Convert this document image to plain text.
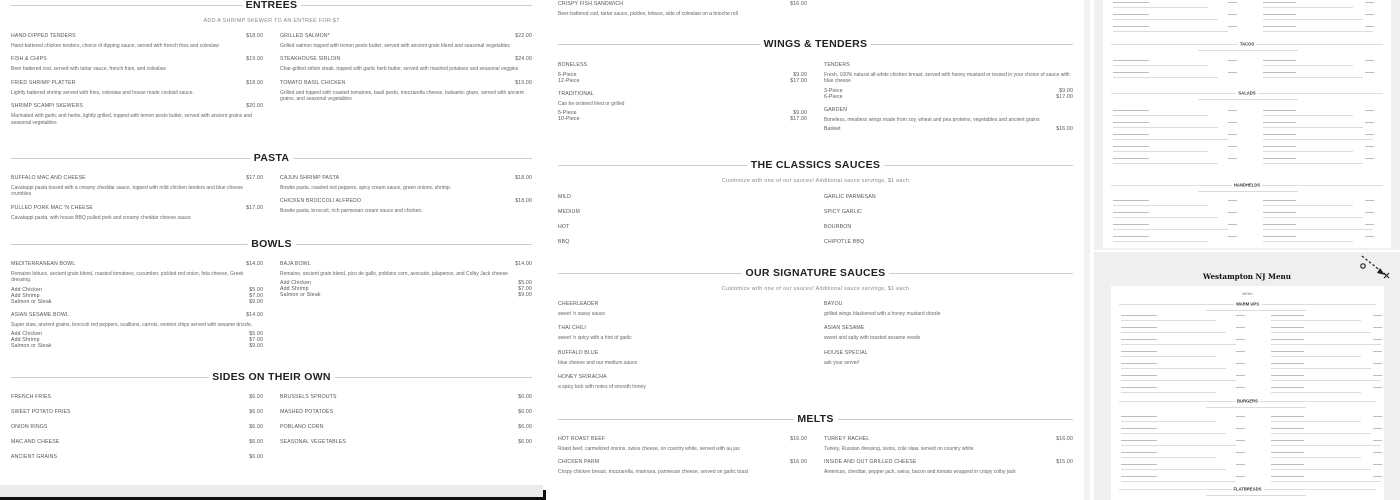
ENTREES
ADD A SHRIMP SKEWER TO AN ENTREE FOR $7
HAND-DIPPED TENDERS	$18.00
Hand-battered chicken tenders, choice of dipping sauce, served with french fries and coleslaw
FISH & CHIPS	$19.00
Beer battered cod, served with tartar sauce, french fries, and coleslaw
FRIED SHRIMP PLATTER	$18.00
Lightly battered shrimp served with fries, coleslaw and house made cocktail sauce.
SHRIMP SCAMPI SKEWERS	$20.00
Marinated with garlic and herbs, lightly grilled, topped with lemon pesto butter, served with ancient grains and seasonal vegetables
GRILLED SALMON*	$22.00
Grilled salmon topped with lemon pesto butter, served with ancient grain blend and seasonal vegetables
STEAKHOUSE SIRLOIN	$24.00
Char-grilled sirloin steak, topped with garlic herb butter, served with mashed potatoes and seasonal veggies
TOMATO BASIL CHICKEN	$19.00
Grilled and topped with roasted tomatoes, basil pesto, mozzarella cheese, balsamic glaze, served with ancient grains, and seasonal vegetables
PASTA
BUFFALO MAC AND CHEESE	$17.00
Cavatappi pasta tossed with a creamy cheddar sauce, topped with mild chicken tenders and blue cheese crumbles
PULLED PORK MAC 'N CHEESE	$17.00
Cavatappi pasta, with house BBQ pulled pork and creamy cheddar cheese sauce
CAJUN SHRIMP PASTA	$18.00
Bowtie pasta, roasted red peppers, spicy cream sauce, green onions, shrimp.
CHICKEN BROCCOLI ALFREDO	$18.00
Bowtie pasta, broccoli, rich parmesan cream sauce and chicken.
BOWLS
MEDITERRANEAN BOWL	$14.00
Romaine lettuce, ancient grain blend, roasted tomatoes, cucumber, pickled red onion, feta cheese, Greek dressing.
Add Chicken	$5.00
Add Shrimp	$7.00
Salmon or Steak	$9.00
ASIAN SESAME BOWL	$14.00
Super slaw, ancient grains, broccoli red peppers, scallions, carrots, wonton chips served with sesame drizzle.
Add Chicken	$5.00
Add Shrimp	$7.00
Salmon or Steak	$9.00
BAJA BOWL	$14.00
Romaine, ancient grain blend, pico de gallo, poblano corn, avocado, jalapenos, and Colby Jack cheese
Add Chicken	$5.00
Add Shrimp	$7.00
Salmon or Steak	$9.00
SIDES ON THEIR OWN
FRENCH FRIES	$6.00
SWEET POTATO FRIES	$6.00
ONION RINGS	$6.00
MAC AND CHEESE	$6.00
ANCIENT GRAINS	$6.00
BRUSSELS SPROUTS	$6.00
MASHED POTATOES	$6.00
POBLANO CORN	$6.00
SEASONAL VEGETABLES	$6.00
CRISPY FISH SANDWICH	$16.00
Beer-battered cod, tartar sauce, pickles, lettuce, side of coleslaw on a brioche roll
WINGS & TENDERS
BONELESS
6-Piece	$9.00
12-Piece	$17.00
TRADITIONAL
Can be ordered fried or grilled
5-Piece	$9.00
10-Piece	$17.00
TENDERS
Fresh, 100% natural all-white chicken breast, served with honey mustard or tossed in your choice of sauce with blue cheese
3-Piece	$9.00
6-Piece	$17.00
GARDEN
Boneless, meatless wings made from soy, wheat and pea proteins, vegetables and ancient grains
Basket	$16.00
THE CLASSICS SAUCES
Customize with one of our sauces! Additional sauce servings, $1 each
MILD
MEDIUM
HOT
BBQ
GARLIC PARMESAN
SPICY GARLIC
BOURBON
CHIPOTLE BBQ
OUR SIGNATURE SAUCES
Customize with one of our sauces! Additional sauce servings, $1 each
CHEERLEADER
sweet 'n sassy sauce
THAI CHILI
sweet 'n spicy with a hint of garlic
BUFFALO BLUE
blue cheese and our medium sauce
HONEY SRIRACHA
a spicy kick with notes of smooth honey
BAYOU
grilled wings blackened with a honey mustard drizzle
ASIAN SESAME
sweet and salty with toasted sesame seeds
HOUSE SPECIAL
ask your server!
MELTS
HOT ROAST BEEF	$16.00
Roast beef, carmelized onions, swiss cheese, on country white, served with au jus
CHICKEN PARM	$16.00
Crispy chicken breast, mozzarella, marinara, parmesan cheese, served on garlic toast
TURKEY RACHEL	$16.00
Turkey, Russian dressing, swiss, cole slaw, served on country white
INSIDE AND OUT GRILLED CHEESE	$15.00
American, cheddar, pepper jack, swiss, bacon and tomato wrapped in crispy colby jack
TACOS
SALADS
HANDHELDS
Westampton NJ Menu
MENU
WARM UPS
BURGERS
FLATBREADS
